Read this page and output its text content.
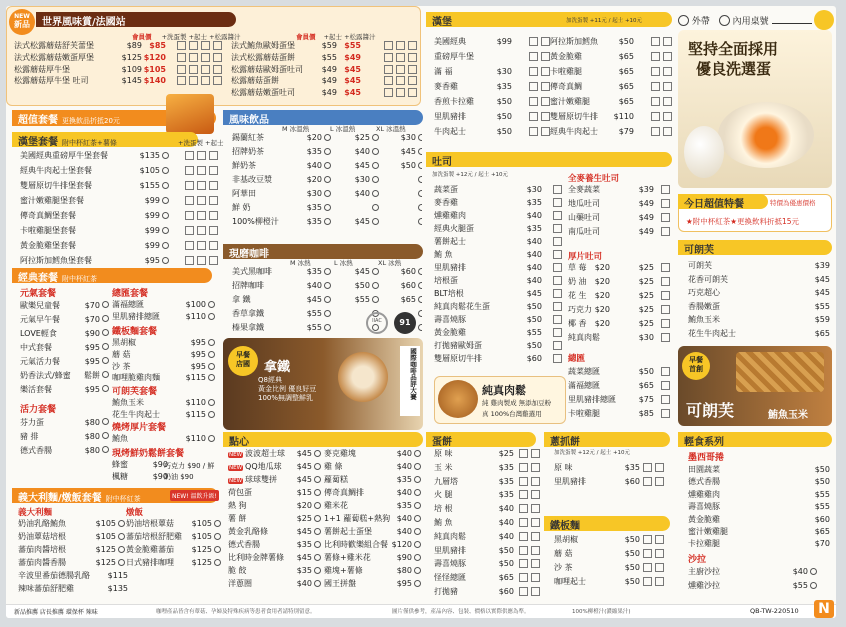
NEW
新品	世界風味賞/法國站
會員價 +洗蛋製 +起士 +松露醬汁	會員價 +起士 +松露醬汁
法式松露蘑菇舒芙蕾堡	$89 $85
法式松露蘑菇嫩蛋厚堡	$125 $120
松露蘑菇厚牛堡	$109 $105
松露蘑菇厚牛堡 吐司	$145 $140
法式鮪魚歐姆蛋堡	$59 $55
法式松露蘑菇蛋餅	$55 $49
松露蘑菇歐姆蛋吐司 $49 $45
松露蘑菇蛋餅	$49 $45
松露蘑菇嫩蛋吐司	$49 $45
超值套餐 更換飲品折抵20元
漢堡套餐 附中杯紅茶+薯條	+洗蛋製 +起士
美國經典重磅厚牛堡套餐	$135
經典牛肉起士堡套餐	$105
雙層原切牛排堡套餐	$155
蜜汁嫩雞腿堡套餐	$99
傳奇真鯛堡套餐	$99
卡啦雞腿堡套餐	$99
黃金脆雞堡套餐	$99
阿拉斯加鱈魚堡套餐	$95
風味飲品
M 冰溫熱	L 冰溫熱	XL 冰溫熱
錫蘭紅茶	$20	$25	$30
招牌奶茶	$35	$40	$45
鮮奶茶	$40	$45	$50
非基改豆漿	$20	$30
阿華田	$30	$40
鮮 奶	$35
100%柳橙汁	$35	$45
現磨咖啡
M 冰熱	L 冰熱	XL 冰熱
美式黑咖啡	$35	$45	$60
招牌咖啡	$40	$50	$60
拿 鐵	$45	$55	$65
香草拿鐵	$55
榛果拿鐵	$55
IIAC	91
早餐
店國	拿鐵
Q8經典
黃金比例 優良好豆
100%無調整鮮乳	國際咖啡品評大賽
經典套餐 附中杯紅茶
元氣套餐
歐樂兒童餐	$70
元氣早午餐	$70
LOVE輕食	$90
中式套餐	$95
元氣活力餐	$95
奶香法式/蜂蜜 鬆餅
樂活套餐	$95
活力套餐
芬力蛋	$80
豬 排	$80
德式香腸	$80
總匯套餐
滿福總匯	$100
里肌豬排總匯	$110
鐵板麵套餐
黑胡椒	$95
蘑 菇	$95
沙 茶	$95
咖哩脆雞肉麵	$115
可朗芙套餐
鮪魚玉米	$110
花生牛肉起士	$115
燒烤厚片套餐
鮪魚	$110
現烤鮮奶鬆餅套餐
蜂蜜	$90
楓糖	$90
巧克力 $90 / 鮮奶油 $90
義大利麵/燉飯套餐 附中杯紅茶	NEW! 溫飲升級!
義大利麵
奶油乳酪鮪魚	$105
奶油蕈菇培根	$105
蕃茄肉醬培根	$125
蕃茄肉醬香腸	$125
燉飯
奶油培根蕈菇 $105
蕃茄培根舒肥雞 $105
黃金脆雞蕃茄 $125
日式豬排咖哩 $125
辛波里番茄德腸乳酪 $115
辣味蕃茄舒肥雞	$135
點心
NEW 波波超士球 $45
NEW QQ地瓜球 $45
NEW 球球雙拼 $45
荷包蛋	$15
熱 狗	$20
薯 餅	$25
黃金乳酪條	$45
德式香腸	$35
比利時金牌薯條 $45
脆 餃	$35
洋蔥圈	$40
麥克雞塊	$40
雞 條	$40
蘿蔔糕	$35
傳奇真鯛排	$40
雞米花	$35
1+1 蘿蔔糕+熱狗 $40
薯餅起士蛋堡	$40
比利時歡樂組合餐 $120
薯條+雞米花	$90
雞塊+薯條	$80
國王拼盤	$95
漢堡	加洗蛋製 +11元 / 起士 +10元
美國經典	$99
重磅厚牛堡
滿 福	$30
麥香雞	$35
香煎卡拉雞	$50
里肌豬排	$50
牛肉起士	$50
阿拉斯加鱈魚	$50
黃金脆雞	$65
卡啦雞腿	$65
傳奇真鯛	$65
蜜汁嫩雞腿	$65
雙層原切牛排 $110
經典牛肉起士	$79
吐司
加洗蛋製 +12元 / 起士 +10元
蔬菜蛋	$30
麥香雞	$35
燻雞雞肉	$40
經典火腿蛋	$35
薯餅起士	$40
鮪 魚	$40
里肌豬排	$40
培根蛋	$40
BLT培根	$45
純真肉鬆花生蛋	$50
壽喜燒豚	$50
黃金脆雞	$55
打拋豬歐姆蛋	$50
雙層原切牛排	$60
全麥養生吐司
全麥蔬菜	$39
地瓜吐司	$49
山藥吐司	$49
南瓜吐司	$49
厚片吐司
草 莓 $20	$25
奶 油 $20	$25
花 生 $20	$25
巧克力 $20	$25
椰 香 $20	$25
純真肉鬆	$30
總匯
蔬菜總匯	$50
滿福總匯	$65
里肌豬排總匯	$75
卡啦雞腿	$85
純真肉鬆
純 雞肉製成 無添加豆粉
真 100%台灣雞選用
蛋餅
原 味	$25
玉 米	$35
九層塔	$35
火 腿	$35
培 根	$40
鮪 魚	$40
純真肉鬆	$40
里肌豬排	$50
壽喜燒豚	$50
怪怪總匯	$65
打拋豬	$60
蔥抓餅
加洗蛋製 +12元 / 起士 +10元
原 味	$35
里肌豬排	$60
鐵板麵
黑胡椒	$50
蘑 菇	$50
沙 茶	$50
咖哩起士	$50
外帶	內用桌號
堅持全面採用
優良洗選蛋
今日超值特餐	特價為優惠價格
★附中杯紅茶★更換飲料折抵15元
可朗芙
可朗芙	$39
花香可朗芙	$45
巧克超心	$45
香腸嫩蛋	$55
鮪魚玉米	$59
花生牛肉起士	$65
早餐
首創
可朗芙	鮪魚玉米
輕食系列
墨西哥捲
田園蔬菜	$50
德式香腸	$50
燻雞雞肉	$55
壽喜燒豚	$55
黃金脆雞	$60
蜜汁嫩雞腿	$65
卡拉雞腿	$70
沙拉
主廚沙拉	$40
燻雞沙拉	$55
新品推薦 店長推薦 環保杯 辣味	咖哩產品皆含有蕈菇、孕婦及特殊疾病等患者食用者請特別留意。	圖片僅供參考，產品內容、包裝、價格以實際供應為準。	100%柳橙汁(濃縮果汁)	QB-TW-220510 N
